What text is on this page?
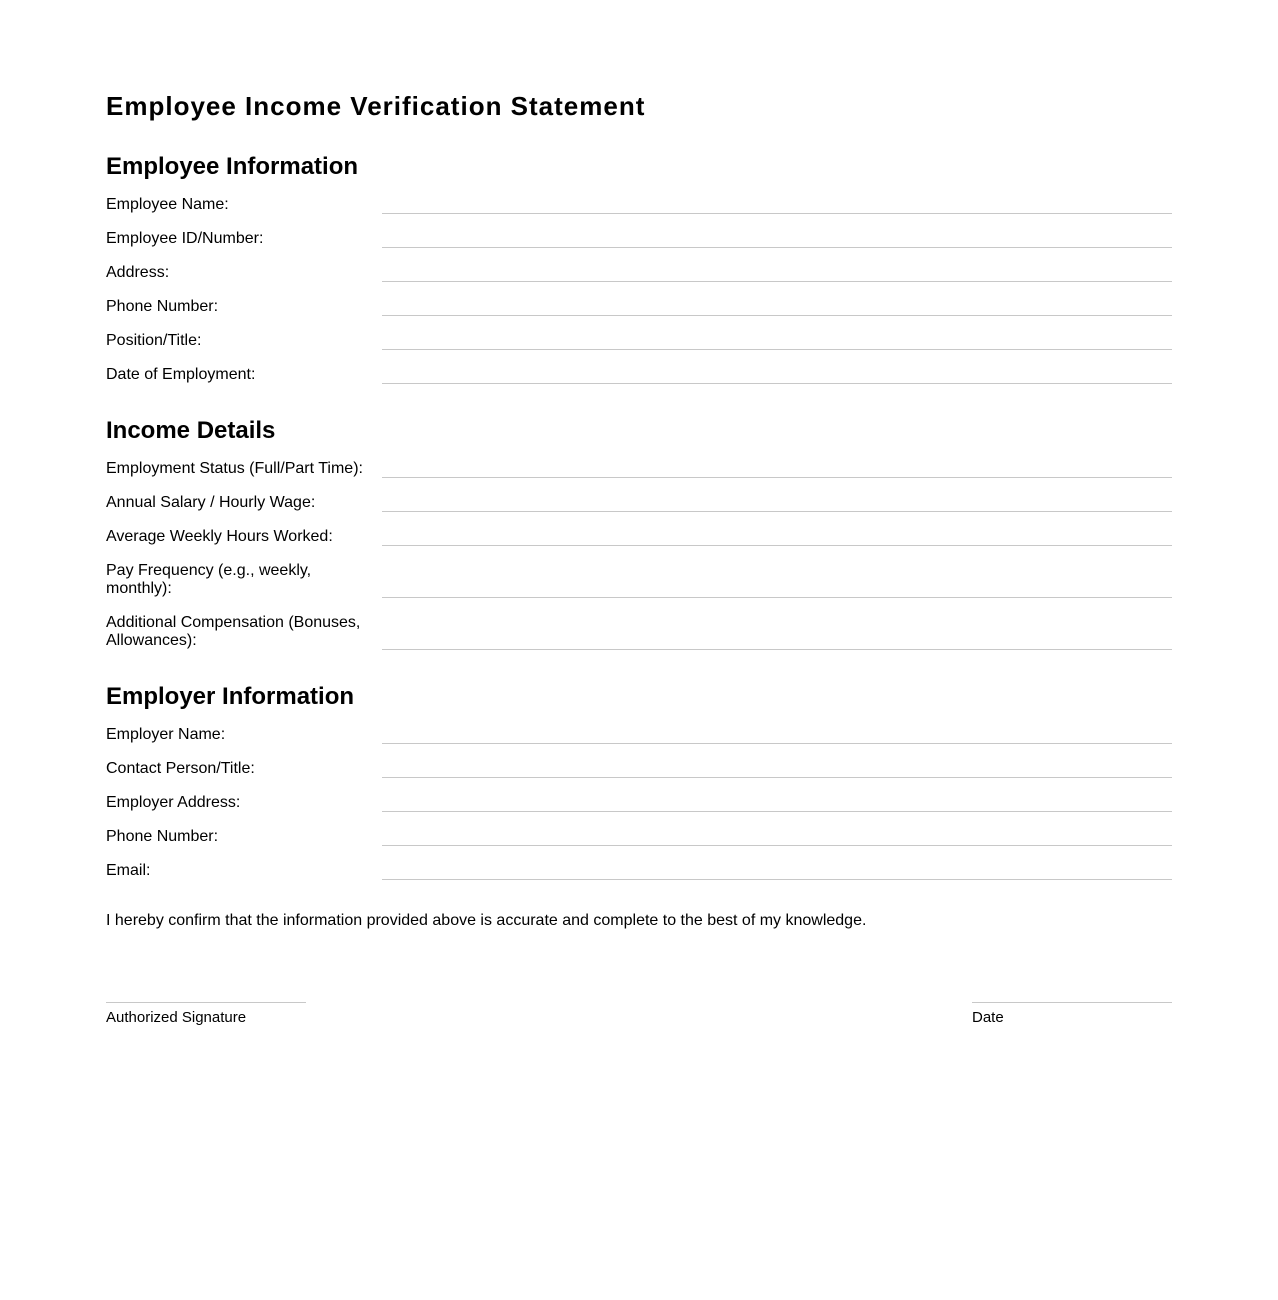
Employee Income Verification Statement
Employee Information
Employee Name:
Employee ID/Number:
Address:
Phone Number:
Position/Title:
Date of Employment:
Income Details
Employment Status (Full/Part Time):
Annual Salary / Hourly Wage:
Average Weekly Hours Worked:
Pay Frequency (e.g., weekly, monthly):
Additional Compensation (Bonuses, Allowances):
Employer Information
Employer Name:
Contact Person/Title:
Employer Address:
Phone Number:
Email:
I hereby confirm that the information provided above is accurate and complete to the best of my knowledge.
Authorized Signature	Date
